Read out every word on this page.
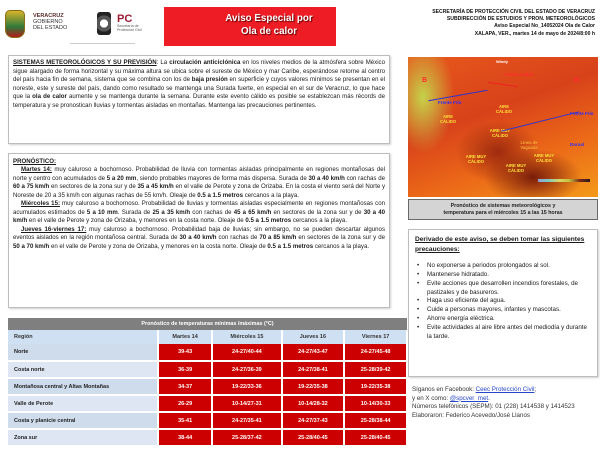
VERACRUZ
GOBIERNO
DEL ESTADO
PC
Secretaría de
Protección Civil
Aviso Especial por
Ola de calor
SECRETARÍA DE PROTECCIÓN CIVIL DEL ESTADO DE VERACRUZ
SUBDIRECCIÓN DE ESTUDIOS Y PRON. METEOROLÓGICOS
Aviso Especial No_14052024 Ola de Calor
XALAPA, VER., martes 14 de mayo de 2024/8:00 h

SISTEMAS METEOROLÓGICOS Y SU PREVISIÓN: La circulación anticiclónica en los niveles medios de la atmósfera sobre México sigue alargado de forma horizontal y su máxima altura se ubica sobre el sureste de México y mar Caribe, esperándose retorne al centro del país hacia fin de semana, sistema que se combina con los de baja presión en superficie y cuyos valores mínimos se presentan en el noreste, este y sureste del país, dando como resultado se mantenga una Surada fuerte, en especial en el sur de Veracruz, lo que hace que la ola de calor aumente y se mantenga durante la semana. Durante este evento cálido es posible se establezcan más récords de temperatura y se pronostican lluvias y tormentas aisladas en montañas. Mantenga las precauciones pertinentes.

PRONÓSTICO:

Martes 14: muy caluroso a bochornoso. Probabilidad de lluvia con tormentas aisladas principalmente en regiones montañosas del norte y centro con acumulados de 5 a 20 mm, siendo probables mayores de forma más dispersa. Surada de 30 a 40 km/h con rachas de 60 a 75 km/h en sectores de la zona sur y de 35 a 45 km/h en el valle de Perote y zona de Orizaba. En la costa el viento será del Norte y Noreste de 20 a 35 km/h con algunas rachas de 55 km/h. Oleaje de 0.5 a 1.5 metros cercanos a la playa.

Miércoles 15: muy caluroso a bochornoso. Probabilidad de lluvias y tormentas aisladas especialmente en regiones montañosas con acumulados estimados de 5 a 10 mm. Surada de 25 a 35 km/h con rachas de 45 a 65 km/h en sectores de la zona sur y de 30 a 40 km/h en el valle de Perote y zona de Orizaba, y menores en la costa norte. Oleaje de 0.5 a 1.5 metros cercanos a la playa.

Jueves 16-viernes 17: muy caluroso a bochornoso. Probabilidad baja de lluvias; sin embargo, no se pueden descartar algunos eventos aislados en la región montañosa central. Surada de 30 a 40 km/h con rachas de 70 a 85 km/h en sectores de la zona sur y de 50 a 70 km/h en el valle de Perote y zona de Orizaba, y menores en la costa norte. Oleaje de 0.5 a 1.5 metros cercanos a la playa.

Windy
B	B
Frente Cálido
Frente Frío
Frente Frío
AIRE CÁLIDO
AIRE CÁLIDO
AIRE MUY CÁLIDO
AIRE MUY CÁLIDO
AIRE MUY CÁLIDO
AIRE MUY CÁLIDO
Línea de Vaguada
Dorsal
Pronóstico de sistemas meteorológicos y
temperatura para el miércoles 15 a las 15 horas
Derivado de este aviso, se deben tomar las siguientes precauciones:
• No exponerse a periodos prolongados al sol.
• Mantenerse hidratado.
• Evite acciones que desarrollen incendios forestales, de pastizales y de basureros.
• Haga uso eficiente del agua.
• Cuide a personas mayores, infantes y mascotas.
• Ahorre energía eléctrica.
• Evite actividades al aire libre antes del mediodía y durante la tarde.
Síganos en Facebook: Ceec Protección Civil;
y en X como: @spcver_met.
Números telefónicos (SEPM): 01 (228) 1414538 y 1414523
Elaboraron: Federico Acevedo/José Llanos
Pronóstico de temperaturas mínimas /máximas (°C)				
Región	Martes 14	Miércoles 15	Jueves 16	Viernes 17
Norte	39-43	24-27/40-44	24-27/43-47	24-27/45-48
Costa norte	36-39	24-27/36-39	24-27/38-41	25-28/39-42
Montañosa central y Altas Montañas	34-37	19-22/33-36	19-22/35-38	19-22/35-38
Valle de Perote	26-29	10-14/27-31	10-14/28-32	10-14/30-33
Costa y planicie central	35-41	24-27/35-41	24-27/37-43	25-28/38-44
Zona sur	38-44	25-28/37-42	25-28/40-45	25-28/40-45
